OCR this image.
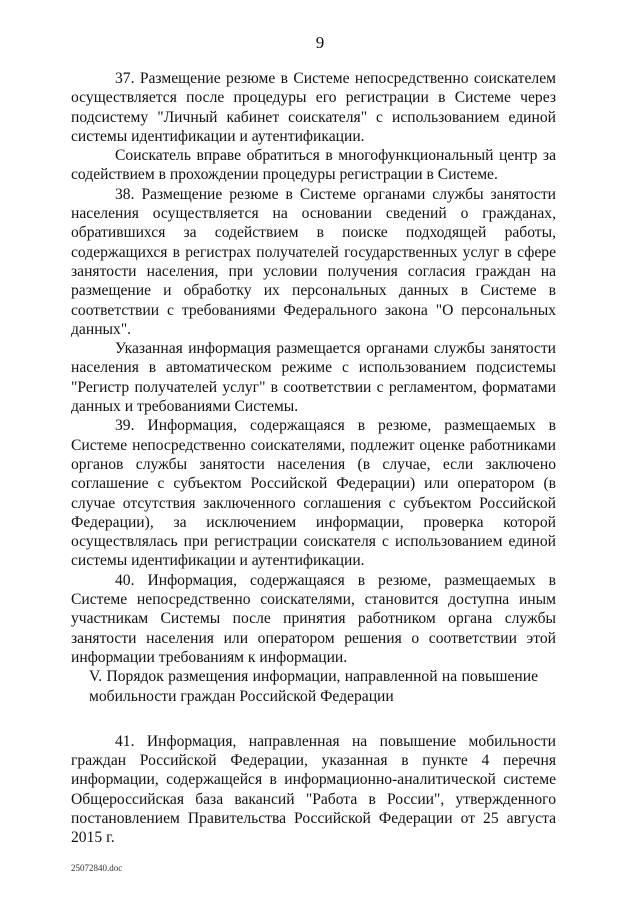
9

37. Размещение резюме в Системе непосредственно соискателем осуществляется после процедуры его регистрации в Системе через подсистему "Личный кабинет соискателя" с использованием единой системы идентификации и аутентификации.

Соискатель вправе обратиться в многофункциональный центр за содействием в прохождении процедуры регистрации в Системе.

38. Размещение резюме в Системе органами службы занятости населения осуществляется на основании сведений о гражданах, обратившихся за содействием в поиске подходящей работы, содержащихся в регистрах получателей государственных услуг в сфере занятости населения, при условии получения согласия граждан на размещение и обработку их персональных данных в Системе в соответствии с требованиями Федерального закона "О персональных данных".

Указанная информация размещается органами службы занятости населения в автоматическом режиме с использованием подсистемы "Регистр получателей услуг" в соответствии с регламентом, форматами данных и требованиями Системы.

39. Информация, содержащаяся в резюме, размещаемых в Системе непосредственно соискателями, подлежит оценке работниками органов службы занятости населения (в случае, если заключено соглашение с субъектом Российской Федерации) или оператором (в случае отсутствия заключенного соглашения с субъектом Российской Федерации), за исключением информации, проверка которой осуществлялась при регистрации соискателя с использованием единой системы идентификации и аутентификации.

40. Информация, содержащаяся в резюме, размещаемых в Системе непосредственно соискателями, становится доступна иным участникам Системы после принятия работником органа службы занятости населения или оператором решения о соответствии этой информации требованиям к информации.

V. Порядок размещения информации, направленной на повышение мобильности граждан Российской Федерации

41. Информация, направленная на повышение мобильности граждан Российской Федерации, указанная в пункте 4 перечня информации, содержащейся в информационно-аналитической системе Общероссийская база вакансий "Работа в России", утвержденного постановлением Правительства Российской Федерации от 25 августа 2015 г.

25072840.doc
